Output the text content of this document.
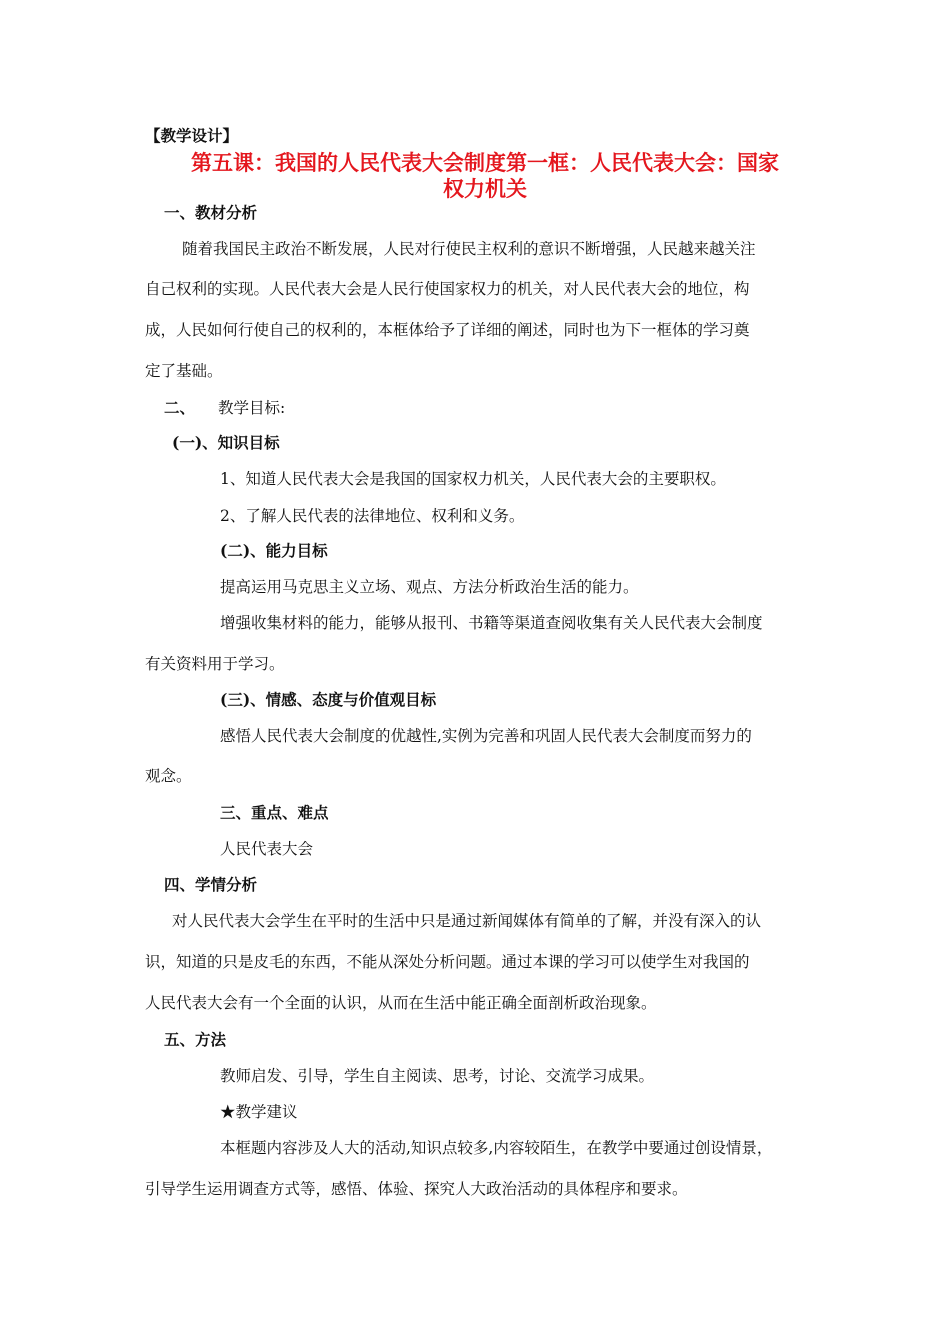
【教学设计】
第五课：我国的人民代表大会制度第一框：人民代表大会：国家
权力机关
一、教材分析
随着我国民主政治不断发展，人民对行使民主权利的意识不断增强，人民越来越关注
自己权利的实现。人民代表大会是人民行使国家权力的机关，对人民代表大会的地位，构
成，人民如何行使自己的权利的，本框体给予了详细的阐述，同时也为下一框体的学习奠
定了基础。
二、 教学目标:
(一)、知识目标
1、知道人民代表大会是我国的国家权力机关，人民代表大会的主要职权。
2、了解人民代表的法律地位、权利和义务。
(二)、能力目标
提高运用马克思主义立场、观点、方法分析政治生活的能力。
增强收集材料的能力，能够从报刊、书籍等渠道查阅收集有关人民代表大会制度
有关资料用于学习。
(三)、情感、态度与价值观目标
感悟人民代表大会制度的优越性,实例为完善和巩固人民代表大会制度而努力的
观念。
三、重点、难点
人民代表大会
四、学情分析
对人民代表大会学生在平时的生活中只是通过新闻媒体有简单的了解，并没有深入的认
识，知道的只是皮毛的东西，不能从深处分析问题。通过本课的学习可以使学生对我国的
人民代表大会有一个全面的认识，从而在生活中能正确全面剖析政治现象。
五、方法
教师启发、引导，学生自主阅读、思考，讨论、交流学习成果。
★教学建议
本框题内容涉及人大的活动,知识点较多,内容较陌生，在教学中要通过创设情景，
引导学生运用调查方式等，感悟、体验、探究人大政治活动的具体程序和要求。
